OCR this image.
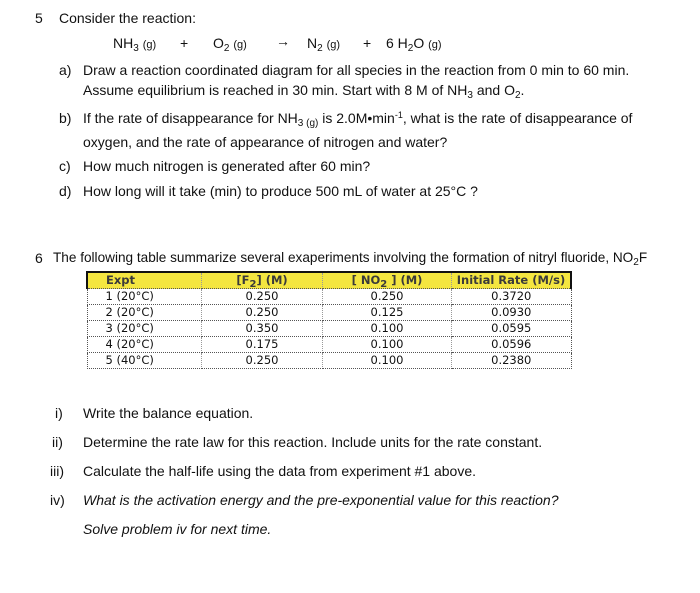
5 Consider the reaction:
$NH_3$ $(g) + O_2$ $(g) \to N_2$ (g) + 6 $H_2O$ (g)
a) Draw a reaction coordinated diagram for all species in the reaction from 0 min to 60 min.
Assume equilibrium is reached in 30 min. Start with 8 M of $NH_3$ and $O_2$.
b) If the rate of disappearance for $NH_{3 (g)}$ is $2.0M•\min^{-1}$, what is the rate of disappearance of
oxygen, and the rate of appearance of nitrogen and water?
c) How much nitrogen is generated after 60 min?
d) How long will it take (min) to produce 500 mL of water at 25°C ?
6 The following table summarize several exaperiments involving the formation of nitryl fluoride, $NO_2F$
Expt	$[F_2]$ (M)	[ $NO_2$ ] (M)	Initial Rate (M/s)
1 (20°C)	0.250	0.250	0.3720
2 (20°C)	0.250	0.125	0.0930
3 (20°C)	0.350	0.100	0.0595
4 (20°C)	0.175	0.100	0.0596
5 (40°C)	0.250	0.100	0.2380
i) Write the balance equation.
ii) Determine the rate law for this reaction. Include units for the rate constant.
iii) Calculate the half-life using the data from experiment #1 above.
iv) What is the activation energy and the pre-exponential value for this reaction?
Solve problem iv for next time.
